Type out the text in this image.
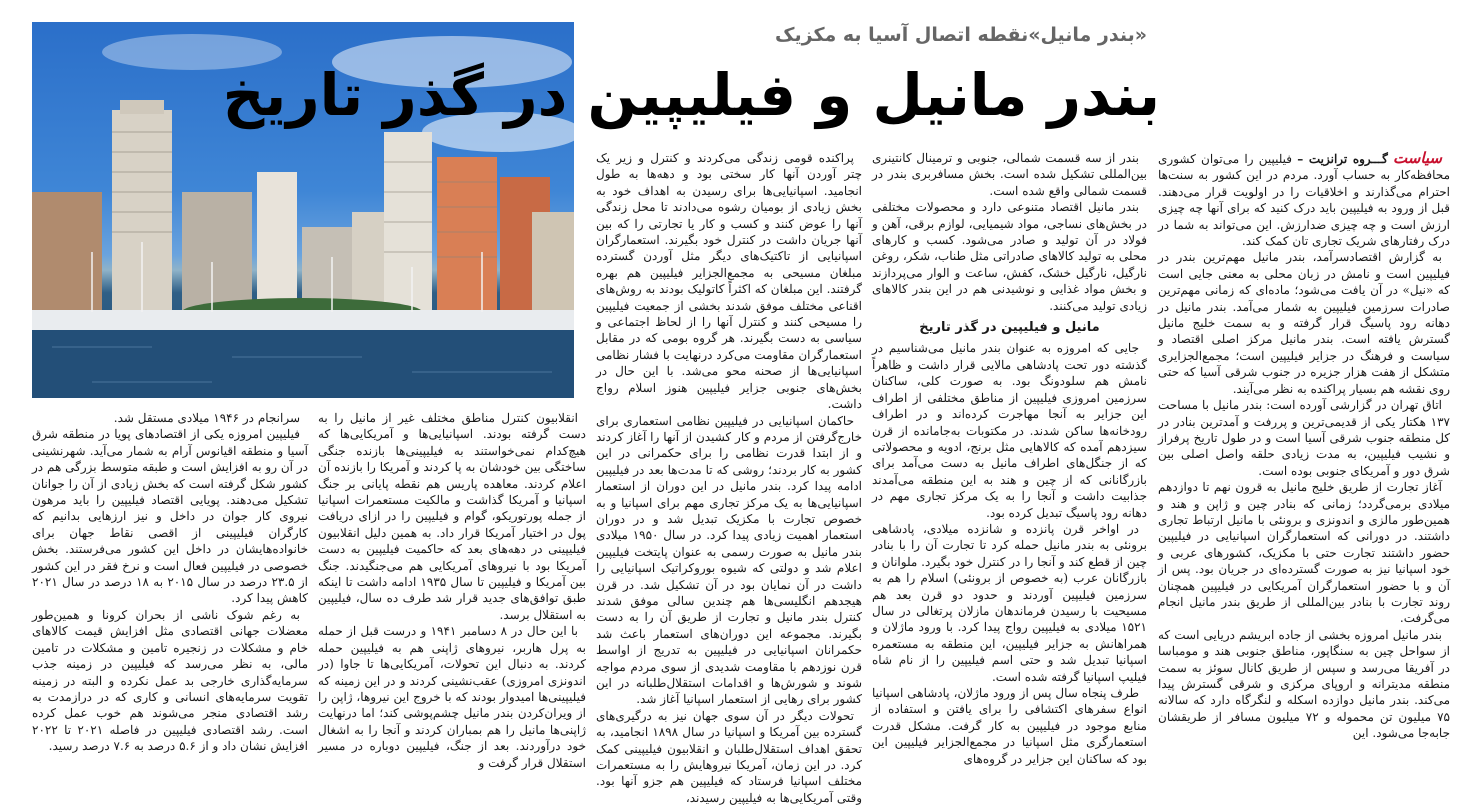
«بندر مانیل»نقطه اتصال آسیا به مکزیک
بندر مانیل و فیلیپین در گذر تاریخ

سیاست گـــروه ترانزیت – فیلیپین را می‌توان کشوری محافظه‌کار به حساب آورد. مردم در این کشور به سنت‌ها احترام می‌گذارند و اخلاقیات را در اولویت قرار می‌دهند. قبل از ورود به فیلیپین باید درک کنید که برای آنها چه چیزی ارزش است و چه چیزی ضدارزش. این می‌تواند به شما در درک رفتارهای شریک تجاری تان کمک کند.

به گزارش اقتصادسرآمد، بندر مانیل مهم‌ترین بندر در فیلیپین است و نامش در زبان محلی به معنی جایی است که «نیل» در آن یافت می‌شود؛ ماده‌ای که زمانی مهم‌ترین صادرات سرزمین فیلیپین به شمار می‌آمد. بندر مانیل در دهانه رود پاسیگ قرار گرفته و به سمت خلیج مانیل گسترش یافته است. بندر مانیل مرکز اصلی اقتصاد و سیاست و فرهنگ در جزایر فیلیپین است؛ مجمع‌الجزایری متشکل از هفت هزار جزیره در جنوب شرقی آسیا که حتی روی نقشه هم بسیار پراکنده به نظر می‌آیند.

اتاق تهران در گزارشی آورده است: بندر مانیل با مساحت ۱۳۷ هکتار یکی از قدیمی‌ترین و پررفت و آمدترین بنادر در کل منطقه جنوب شرقی آسیا است و در طول تاریخ پرفراز و نشیب فیلیپین، به مدت زیادی حلقه واصل اصلی بین شرق دور و آمریکای جنوبی بوده است.

آغاز تجارت از طریق خلیج مانیل به قرون نهم تا دوازدهم میلادی برمی‌گردد؛ زمانی که بنادر چین و ژاپن و هند و همین‌طور مالزی و اندونزی و برونئی با مانیل ارتباط تجاری داشتند. در دورانی که استعمارگران اسپانیایی در فیلیپین حضور داشتند تجارت حتی با مکزیک، کشورهای عربی و خود اسپانیا نیز به صورت گسترده‌ای در جریان بود. پس از آن و با حضور استعمارگران آمریکایی در فیلیپین همچنان روند تجارت با بنادر بین‌المللی از طریق بندر مانیل انجام می‌گرفت.

بندر مانیل امروزه بخشی از جاده ابریشم دریایی است که از سواحل چین به سنگاپور، مناطق جنوبی هند و مومباسا در آفریقا می‌رسد و سپس از طریق کانال سوئز به سمت منطقه مدیترانه و اروپای مرکزی و شرقی گسترش پیدا می‌کند. بندر مانیل دوازده اسکله و لنگرگاه دارد که سالانه ۷۵ میلیون تن محموله و ۷۲ میلیون مسافر از طریقشان جابه‌جا می‌شود. این

بندر از سه قسمت شمالی، جنوبی و ترمینال کانتینری بین‌المللی تشکیل شده است. بخش مسافربری بندر در قسمت شمالی واقع شده است.

بندر مانیل اقتصاد متنوعی دارد و محصولات مختلفی در بخش‌های نساجی، مواد شیمیایی، لوازم برقی، آهن و فولاد در آن تولید و صادر می‌شود. کسب و کارهای محلی به تولید کالاهای صادراتی مثل طناب، شکر، روغن نارگیل، نارگیل خشک، کفش، ساعت و الوار می‌پردازند و بخش مواد غذایی و نوشیدنی هم در این بندر کالاهای زیادی تولید می‌کنند.

مانیل و فیلیپین در گذر تاریخ

جایی که امروزه به عنوان بندر مانیل می‌شناسیم در گذشته دور تحت پادشاهی مالایی قرار داشت و ظاهراً نامش هم سلودونگ بود. به صورت کلی، ساکنان سرزمین امروزی فیلیپین از مناطق مختلفی از اطراف این جزایر به آنجا مهاجرت کرده‌اند و در اطراف رودخانه‌ها ساکن شدند. در مکتوبات به‌جامانده از قرن سیزدهم آمده که کالاهایی مثل برنج، ادویه و محصولاتی که از جنگل‌های اطراف مانیل به دست می‌آمد برای بازرگانانی که از چین و هند به این منطقه می‌آمدند جذابیت داشت و آنجا را به یک مرکز تجاری مهم در دهانه رود پاسیگ تبدیل کرده بود.

در اواخر قرن پانزده و شانزده میلادی، پادشاهی برونئی به بندر مانیل حمله کرد تا تجارت آن را با بنادر چین از قطع کند و آنجا را در کنترل خود بگیرد. ملوانان و بازرگانان عرب (به خصوص از برونئی) اسلام را هم به سرزمین فیلیپین آوردند و حدود دو قرن بعد هم مسیحیت با رسیدن فرماندهان مازلان پرتغالی در سال ۱۵۲۱ میلادی به فیلیپین رواج پیدا کرد. با ورود ماژلان و همراهانش به جزایر فیلیپین، این منطقه به مستعمره اسپانیا تبدیل شد و حتی اسم فیلیپین را از نام شاه فیلیپ اسپانیا گرفته شده است.

طرف پنجاه سال پس از ورود ماژلان، پادشاهی اسپانیا انواع سفرهای اکتشافی را برای یافتن و استفاده از منابع موجود در فیلیپین به کار گرفت. مشکل قدرت استعمارگری مثل اسپانیا در مجمع‌الجزایر فیلیپین این بود که ساکنان این جزایر در گروه‌های

پراکنده قومی زندگی می‌کردند و کنترل و زیر یک چتر آوردن آنها کار سختی بود و دهه‌ها به طول انجامید. اسپانیایی‌ها برای رسیدن به اهداف خود به بخش زیادی از بومیان رشوه می‌دادند تا محل زندگی آنها را عوض کنند و کسب و کار یا تجارتی را که بین آنها جریان داشت در کنترل خود بگیرند. استعمارگران اسپانیایی از تاکتیک‌های دیگر مثل آوردن گسترده مبلغان مسیحی به مجمع‌الجزایر فیلیپین هم بهره گرفتند. این مبلغان که اکثراً کاتولیک بودند به روش‌های اقناعی مختلف موفق شدند بخشی از جمعیت فیلیپین را مسیحی کنند و کنترل آنها را از لحاظ اجتماعی و سیاسی به دست بگیرند. هر گروه بومی که در مقابل استعمارگران مقاومت می‌کرد درنهایت با فشار نظامی اسپانیایی‌ها از صحنه محو می‌شد. با این حال در بخش‌های جنوبی جزایر فیلیپین هنوز اسلام رواج داشت.

حاکمان اسپانیایی در فیلیپین نظامی استعماری برای خارج‌گرفتن از مردم و کار کشیدن از آنها را آغاز کردند و از ابتدا قدرت نظامی را برای حکمرانی در این کشور به کار بردند؛ روشی که تا مدت‌ها بعد در فیلیپین ادامه پیدا کرد. بندر مانیل در این دوران از استعمار اسپانیایی‌ها به یک مرکز تجاری مهم برای اسپانیا و به خصوص تجارت با مکزیک تبدیل شد و در دوران استعمار اهمیت زیادی پیدا کرد. در سال ۱۹۵۰ میلادی بندر مانیل به صورت رسمی به عنوان پایتخت فیلیپین اعلام شد و دولتی که شیوه بوروکراتیک اسپانیایی را داشت در آن نمایان بود در آن تشکیل شد. در قرن هیجدهم انگلیسی‌ها هم چندین سالی موفق شدند کنترل بندر مانیل و تجارت از طریق آن را به دست بگیرند. مجموعه این دوران‌های استعمار باعث شد حکمرانان اسپانیایی در فیلیپین به تدریج از اواسط قرن نوزدهم با مقاومت شدیدی از سوی مردم مواجه شوند و شورش‌ها و اقدامات استقلال‌طلبانه در این کشور برای رهایی از استعمار اسپانیا آغاز شد.

تحولات دیگر در آن سوی جهان نیز به درگیری‌های گسترده بین آمریکا و اسپانیا در سال ۱۸۹۸ انجامید، به تحقق اهداف استقلال‌طلبان و انقلابیون فیلیپینی کمک کرد. در این زمان، آمریکا نیروهایش را به مستعمرات مختلف اسپانیا فرستاد که فیلیپین هم جزو آنها بود. وقتی آمریکایی‌ها به فیلیپین رسیدند،

انقلابیون کنترل مناطق مختلف غیر از مانیل را به دست گرفته بودند. اسپانیایی‌ها و آمریکایی‌ها که هیچ‌کدام نمی‌خواستند به فیلیپینی‌ها بازنده جنگی ساختگی بین خودشان به پا کردند و آمریکا را بازنده آن اعلام کردند. معاهده پاریس هم نقطه پایانی بر جنگ اسپانیا و آمریکا گذاشت و مالکیت مستعمرات اسپانیا از جمله پورتوریکو، گوام و فیلیپین را در ازای دریافت پول در اختیار آمریکا قرار داد. به همین دلیل انقلابیون فیلیپینی در دهه‌های بعد که حاکمیت فیلیپین به دست آمریکا بود با نیروهای آمریکایی هم می‌جنگیدند. جنگ بین آمریکا و فیلیپین تا سال ۱۹۳۵ ادامه داشت تا اینکه طبق توافق‌های جدید قرار شد طرف ده سال، فیلیپین به استقلال برسد.

با این حال در ۸ دسامبر ۱۹۴۱ و درست قبل از حمله به پرل هاربر، نیروهای ژاپنی هم به فیلیپین حمله کردند. به دنبال این تحولات، آمریکایی‌ها تا جاوا (در اندونزی امروزی) عقب‌نشینی کردند و در این زمینه که فیلیپینی‌ها امیدوار بودند که با خروج این نیروها، ژاپن را از ویران‌کردن بندر مانیل چشم‌پوشی کند؛ اما درنهایت ژاپنی‌ها مانیل را هم بمباران کردند و آنجا را به اشغال خود درآوردند. بعد از جنگ، فیلیپین دوباره در مسیر استقلال قرار گرفت و

سرانجام در ۱۹۴۶ میلادی مستقل شد.

فیلیپین امروزه یکی از اقتصادهای پویا در منطقه شرق آسیا و منطقه اقیانوس آرام به شمار می‌آید. شهرنشینی در آن رو به افزایش است و طبقه متوسط بزرگی هم در کشور شکل گرفته است که بخش زیادی از آن را جوانان تشکیل می‌دهند. پویایی اقتصاد فیلیپین را باید مرهون نیروی کار جوان در داخل و نیز ارزهایی بدانیم که کارگران فیلیپینی از اقصی نقاط جهان برای خانواده‌هایشان در داخل این کشور می‌فرستند. بخش خصوصی در فیلیپین فعال است و نرخ فقر در این کشور از ۲۳.۵ درصد در سال ۲۰۱۵ به ۱۸ درصد در سال ۲۰۲۱ کاهش پیدا کرد.

به رغم شوک ناشی از بحران کرونا و همین‌طور معضلات جهانی اقتصادی مثل افزایش قیمت کالاهای خام و مشکلات در زنجیره تامین و مشکلات در تامین مالی، به نظر می‌رسد که فیلیپین در زمینه جذب سرمایه‌گذاری خارجی بد عمل نکرده و البته در زمینه تقویت سرمایه‌های انسانی و کاری که در درازمدت به رشد اقتصادی منجر می‌شوند هم خوب عمل کرده است. رشد اقتصادی فیلیپین در فاصله ۲۰۲۱ تا ۲۰۲۲ افزایش نشان داد و از ۵.۶ درصد به ۷.۶ درصد رسید.
